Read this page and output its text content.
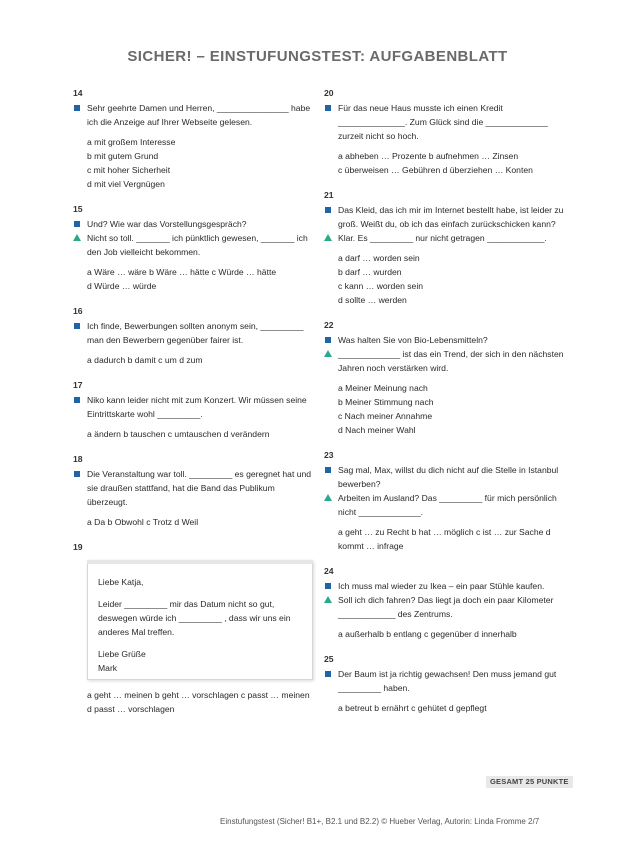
SICHER! – EINSTUFUNGSTEST: AUFGABENBLATT
14
Sehr geehrte Damen und Herren, _______________ habe ich die Anzeige auf Ihrer Webseite gelesen.
a mit großem Interesse
b mit gutem Grund
c mit hoher Sicherheit
d mit viel Vergnügen
15
Und? Wie war das Vorstellungsgespräch?
Nicht so toll. _______ ich pünktlich gewesen, _______ ich den Job vielleicht bekommen.
a Wäre … wäre b Wäre … hätte c Würde … hätte
d Würde … würde
16
Ich finde, Bewerbungen sollten anonym sein, _________ man den Bewerbern gegenüber fairer ist.
a dadurch b damit c um d zum
17
Niko kann leider nicht mit zum Konzert. Wir müssen seine Eintrittskarte wohl _________.
a ändern b tauschen c umtauschen d verändern
18
Die Veranstaltung war toll. _________ es geregnet hat und sie draußen stattfand, hat die Band das Publikum überzeugt.
a Da b Obwohl c Trotz d Weil
19

Liebe Katja,

Leider _________ mir das Datum nicht so gut, deswegen würde ich _________ , dass wir uns ein anderes Mal treffen.

Liebe Grüße
Mark

a geht … meinen b geht … vorschlagen c passt … meinen d passt … vorschlagen
20
Für das neue Haus musste ich einen Kredit ______________. Zum Glück sind die _____________ zurzeit nicht so hoch.
a abheben … Prozente b aufnehmen … Zinsen
c überweisen … Gebühren d überziehen … Konten
21
Das Kleid, das ich mir im Internet bestellt habe, ist leider zu groß. Weißt du, ob ich das einfach zurückschicken kann?
Klar. Es _________ nur nicht getragen ____________.
a darf … worden sein
b darf … wurden
c kann … worden sein
d sollte … werden
22
Was halten Sie von Bio-Lebensmitteln?
_____________ ist das ein Trend, der sich in den nächsten Jahren noch verstärken wird.
a Meiner Meinung nach
b Meiner Stimmung nach
c Nach meiner Annahme
d Nach meiner Wahl
23
Sag mal, Max, willst du dich nicht auf die Stelle in Istanbul bewerben?
Arbeiten im Ausland? Das _________ für mich persönlich nicht _____________.
a geht … zu Recht b hat … möglich c ist … zur Sache d kommt … infrage
24
Ich muss mal wieder zu Ikea – ein paar Stühle kaufen.
Soll ich dich fahren? Das liegt ja doch ein paar Kilometer ____________ des Zentrums.
a außerhalb b entlang c gegenüber d innerhalb
25
Der Baum ist ja richtig gewachsen! Den muss jemand gut _________ haben.
a betreut b ernährt c gehütet d gepflegt
GESAMT 25 PUNKTE
Einstufungstest (Sicher! B1+, B2.1 und B2.2) © Hueber Verlag, Autorin: Linda Fromme 2/7
